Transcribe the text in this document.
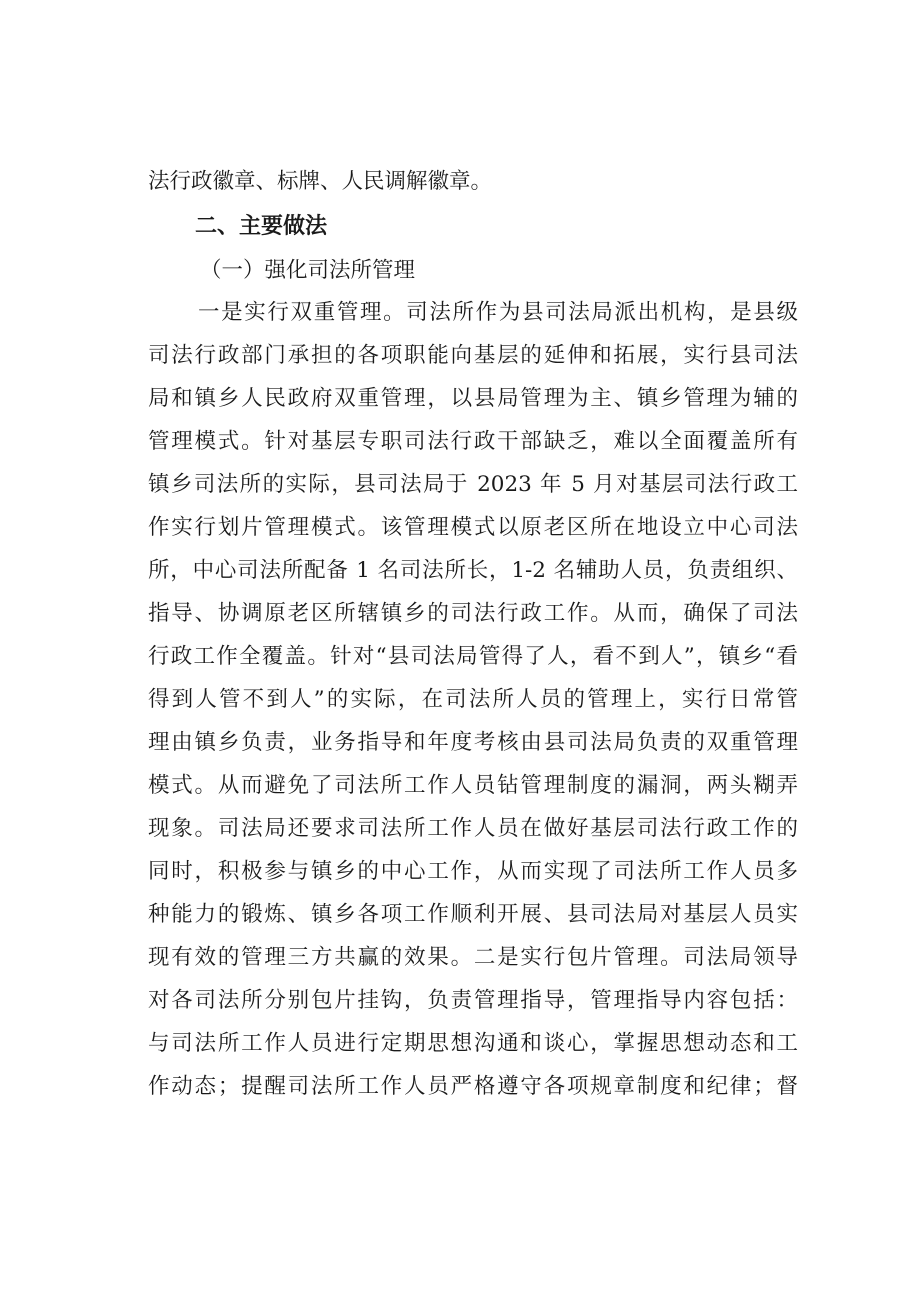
法行政徽章、标牌、人民调解徽章。
二、主要做法
（一）强化司法所管理
一是实行双重管理。司法所作为县司法局派出机构，是县级
司法行政部门承担的各项职能向基层的延伸和拓展，实行县司法
局和镇乡人民政府双重管理，以县局管理为主、镇乡管理为辅的
管理模式。针对基层专职司法行政干部缺乏，难以全面覆盖所有
镇乡司法所的实际，县司法局于 2023 年 5 月对基层司法行政工
作实行划片管理模式。该管理模式以原老区所在地设立中心司法
所，中心司法所配备 1 名司法所长，1-2 名辅助人员，负责组织、
指导、协调原老区所辖镇乡的司法行政工作。从而，确保了司法
行政工作全覆盖。针对“县司法局管得了人，看不到人”，镇乡“看
得到人管不到人”的实际，在司法所人员的管理上，实行日常管
理由镇乡负责，业务指导和年度考核由县司法局负责的双重管理
模式。从而避免了司法所工作人员钻管理制度的漏洞，两头糊弄
现象。司法局还要求司法所工作人员在做好基层司法行政工作的
同时，积极参与镇乡的中心工作，从而实现了司法所工作人员多
种能力的锻炼、镇乡各项工作顺利开展、县司法局对基层人员实
现有效的管理三方共赢的效果。二是实行包片管理。司法局领导
对各司法所分别包片挂钩，负责管理指导，管理指导内容包括：
与司法所工作人员进行定期思想沟通和谈心，掌握思想动态和工
作动态；提醒司法所工作人员严格遵守各项规章制度和纪律；督
